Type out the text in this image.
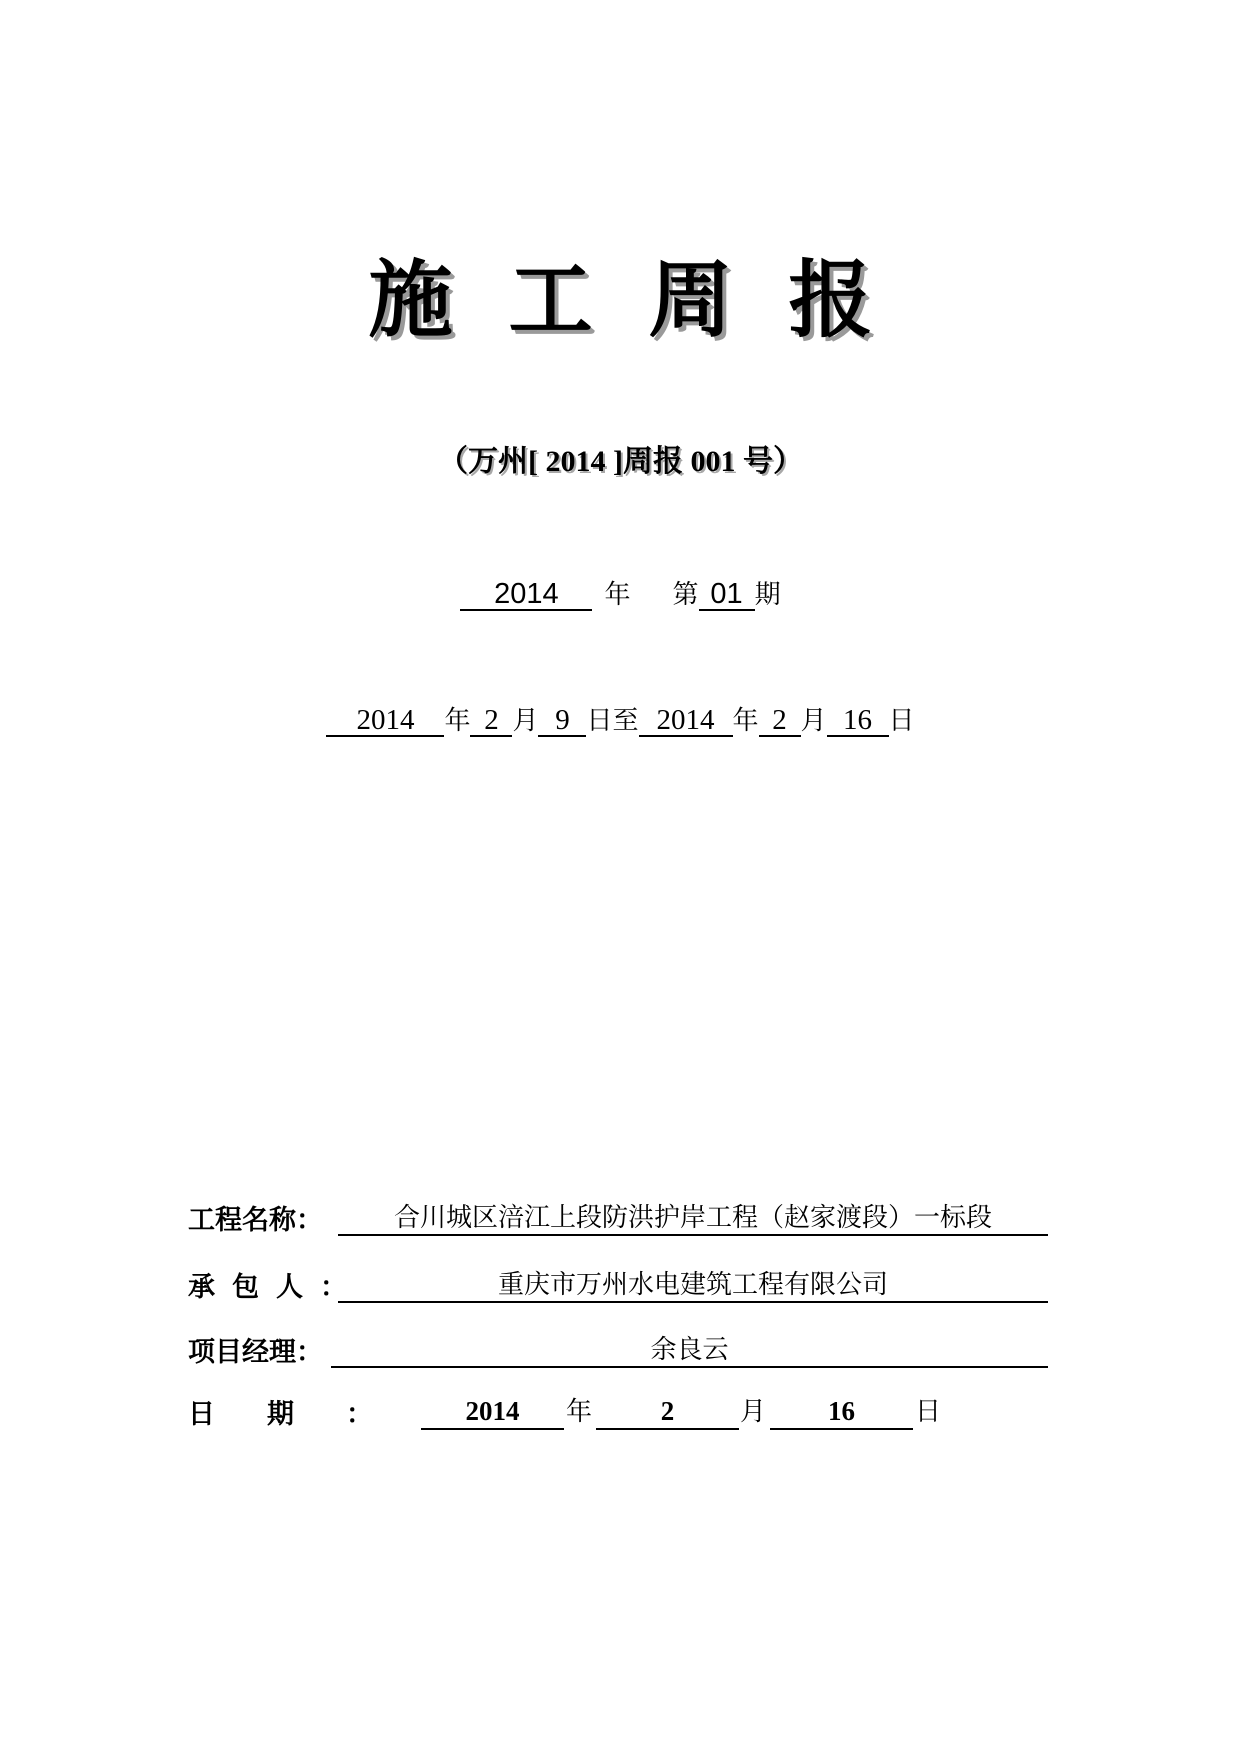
施工周报
（万州[ 2014 ]周报 001 号）
2014 年 第 01 期
2014 年 2 月 9 日至 2014 年 2 月 16 日
工程名称：	合川城区涪江上段防洪护岸工程（赵家渡段）一标段
承包人：	重庆市万州水电建筑工程有限公司
项目经理：	余良云
日期：	2014	年	2	月	16	日
